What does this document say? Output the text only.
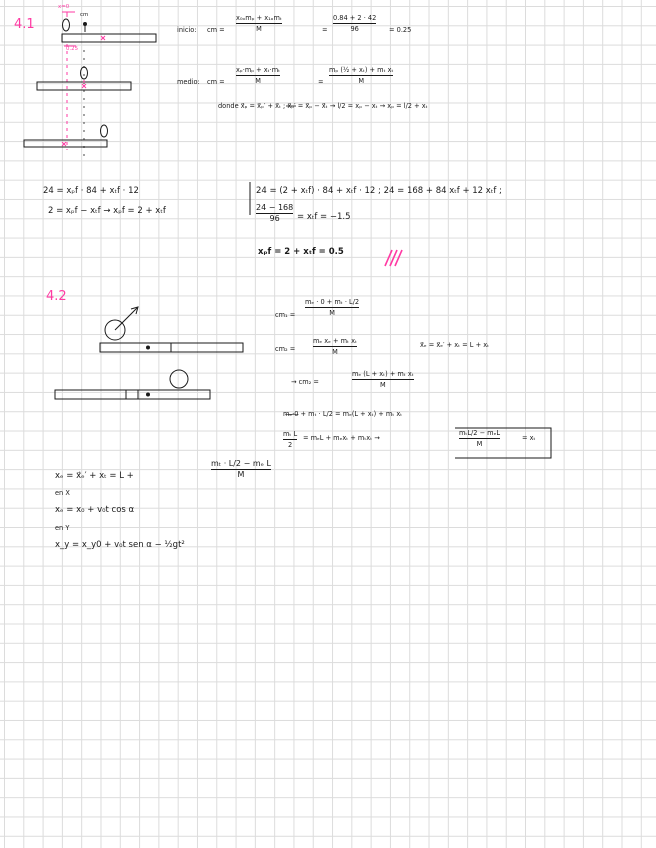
4.1
x=0
cm
0.25
inicio: cm =
x₀ₒmₚ + x₁ₒmₜ
M	=
0.84 + 2 · 42
96	= 0.25
medio: cm =
xₚ·mₚ + xₜ·mₜ
M	=
mₚ (½ + xₜ) + mₜ xₜ
M
donde x⃗ₚ = x⃗ₚ′ + x⃗ₜ ; x⃗ₚ′ = x⃗ₚ − x⃗ₜ → l/2 = xₚ − xₜ → xₚ = l/2 + xₜ
24 = xₚf · 84 + xₜf · 12
2 = xₚf − xₜf → xₚf = 2 + xₜf
24 = (2 + xₜf) · 84 + xₜf · 12 ; 24 = 168 + 84 xₜf + 12 xₜf ;
24 − 168
96 = xₜf = −1.5
xₚf = 2 + xₜf = 0.5
4.2
cm₁ =
mₑ · 0 + mₜ · L/2
M
cm₂ =
mₑ xₑ + mₜ xₜ
M
x⃗ₑ = x⃗ₑ′ + xₜ = L + xₜ
→ cm₂ =
mₑ (L + xₜ) + mₜ xₜ
M
m̶ₑ̶·̶0̶ + mₜ · L/2 = mₑ(L + xₜ) + mₜ xₜ
mₜ L
2
= mₑL + mₑxₜ + mₜxₜ →
mₜL/2 − mₑL
M
= xₜ
xₑ = x⃗ₑ′ + xₜ = L +
mₜ · L/2 − mₑ L
M
en X
xₑ = x₀ + v₀t cos α
en Y
x_y = x_y0 + v₀t sen α − ½gt²
